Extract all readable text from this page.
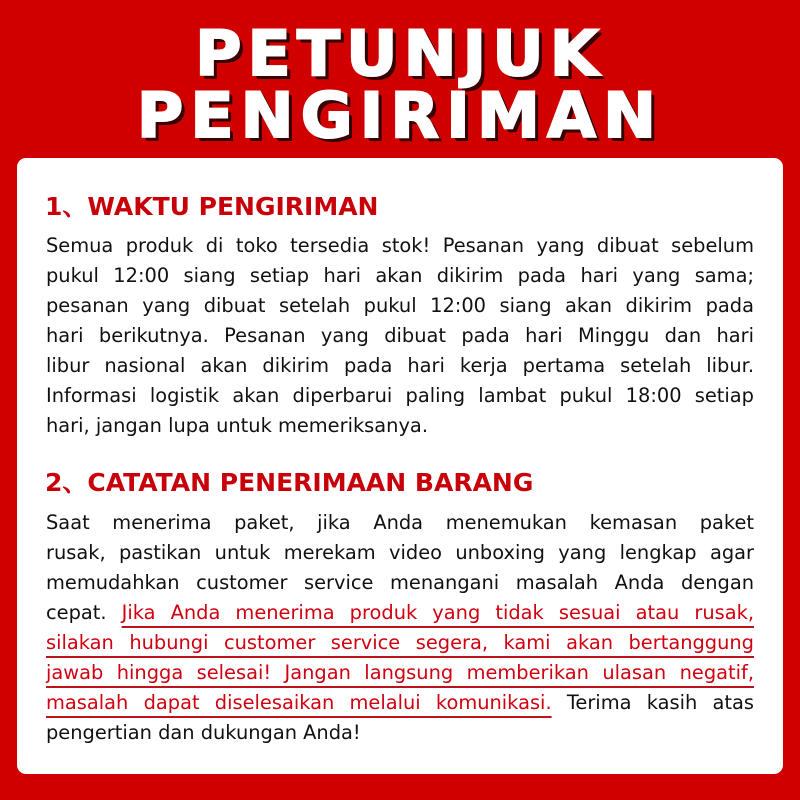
PETUNJUK
PENGIRIMAN
1、WAKTU PENGIRIMAN
Semua produk di toko tersedia stok! Pesanan yang dibuat sebelum
pukul 12:00 siang setiap hari akan dikirim pada hari yang sama;
pesanan yang dibuat setelah pukul 12:00 siang akan dikirim pada
hari berikutnya. Pesanan yang dibuat pada hari Minggu dan hari
libur nasional akan dikirim pada hari kerja pertama setelah libur.
Informasi logistik akan diperbarui paling lambat pukul 18:00 setiap
hari, jangan lupa untuk memeriksanya.
2、CATATAN PENERIMAAN BARANG
Saat menerima paket, jika Anda menemukan kemasan paket
rusak, pastikan untuk merekam video unboxing yang lengkap agar
memudahkan customer service menangani masalah Anda dengan
cepat. Jika Anda menerima produk yang tidak sesuai atau rusak,
silakan hubungi customer service segera, kami akan bertanggung
jawab hingga selesai! Jangan langsung memberikan ulasan negatif,
masalah dapat diselesaikan melalui komunikasi. Terima kasih atas
pengertian dan dukungan Anda!
